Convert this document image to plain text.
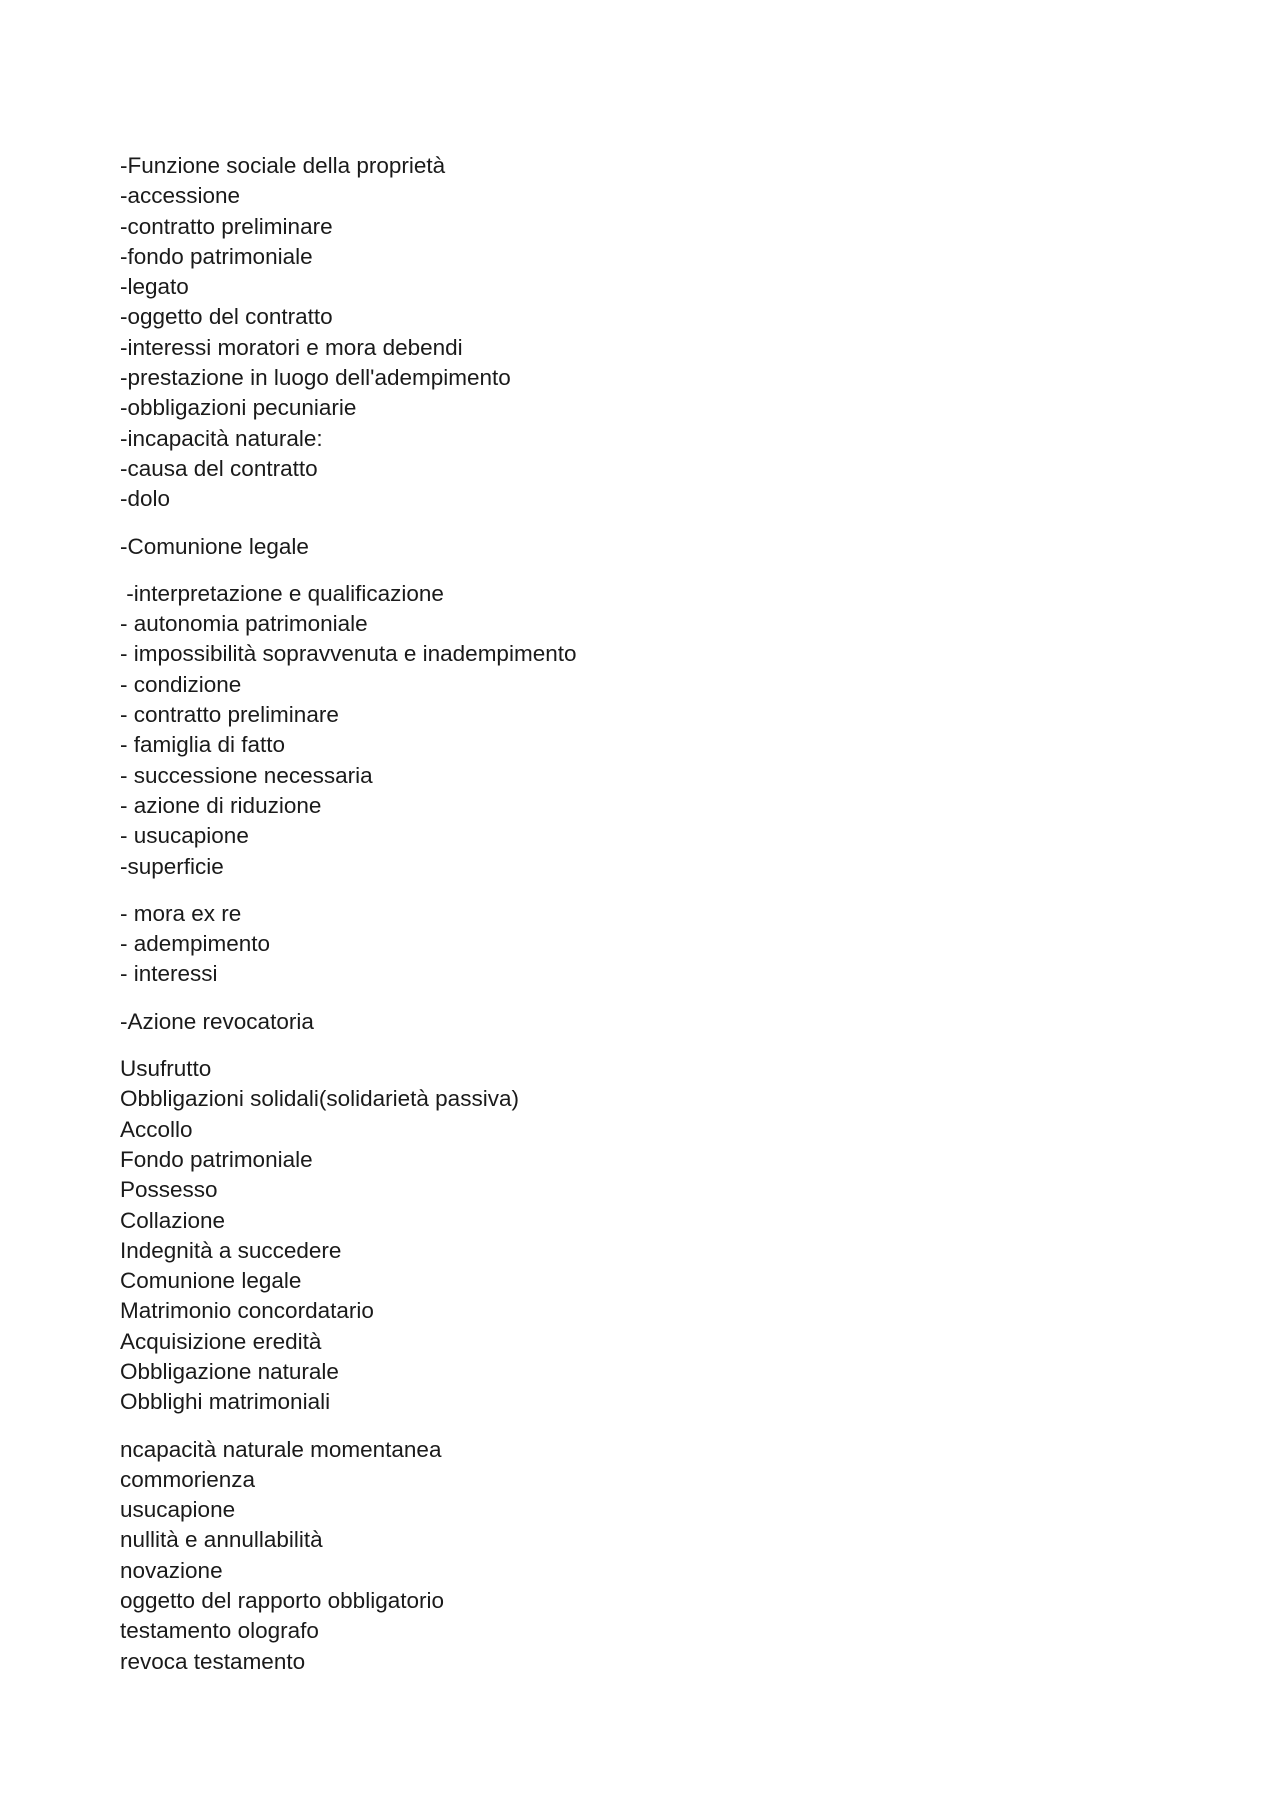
-Funzione sociale della proprietà
-accessione
-contratto preliminare
-fondo patrimoniale
-legato
-oggetto del contratto
-interessi moratori e mora debendi
-prestazione in luogo dell'adempimento
-obbligazioni pecuniarie
-incapacità naturale:
-causa del contratto
-dolo
-Comunione legale
-interpretazione e qualificazione
- autonomia patrimoniale
- impossibilità sopravvenuta e inadempimento
- condizione
- contratto preliminare
- famiglia di fatto
- successione necessaria
- azione di riduzione
- usucapione
-superficie
- mora ex re
- adempimento
- interessi
-Azione revocatoria
Usufrutto
Obbligazioni solidali(solidarietà passiva)
Accollo
Fondo patrimoniale
Possesso
Collazione
Indegnità a succedere
Comunione legale
Matrimonio concordatario
Acquisizione eredità
Obbligazione naturale
Obblighi matrimoniali
ncapacità naturale momentanea
commorienza
usucapione
nullità e annullabilità
novazione
oggetto del rapporto obbligatorio
testamento olografo
revoca testamento
